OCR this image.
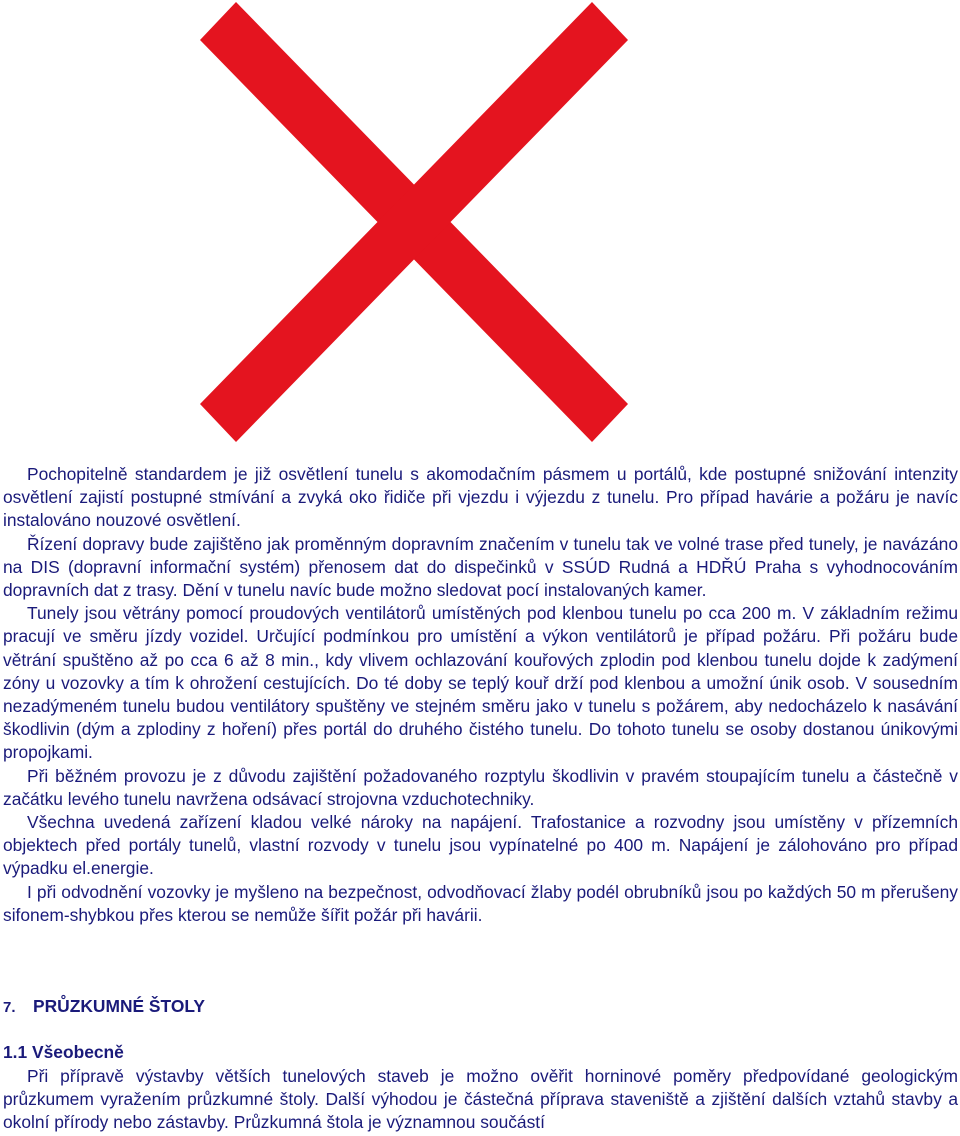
Pochopitelně standardem je již osvětlení tunelu s akomodačním pásmem u portálů, kde postupné snižování intenzity osvětlení zajistí postupné stmívání a zvyká oko řidiče při vjezdu i výjezdu z tunelu. Pro případ havárie a požáru je navíc instalováno nouzové osvětlení.

Řízení dopravy bude zajištěno jak proměnným dopravním značením v tunelu tak ve volné trase před tunely, je navázáno na DIS (dopravní informační systém) přenosem dat do dispečinků v SSÚD Rudná a HDŘÚ Praha s vyhodnocováním dopravních dat z trasy. Dění v tunelu navíc bude možno sledovat pocí instalovaných kamer.

Tunely jsou větrány pomocí proudových ventilátorů umístěných pod klenbou tunelu po cca 200 m. V základním režimu pracují ve směru jízdy vozidel. Určující podmínkou pro umístění a výkon ventilátorů je případ požáru. Při požáru bude větrání spuštěno až po cca 6 až 8 min., kdy vlivem ochlazování kouřových zplodin pod klenbou tunelu dojde k zadýmení zóny u vozovky a tím k ohrožení cestujících. Do té doby se teplý kouř drží pod klenbou a umožní únik osob. V sousedním nezadýmeném tunelu budou ventilátory spuštěny ve stejném směru jako v tunelu s požárem, aby nedocházelo k nasávání škodlivin (dým a zplodiny z hoření) přes portál do druhého čistého tunelu. Do tohoto tunelu se osoby dostanou únikovými propojkami.

Při běžném provozu je z důvodu zajištění požadovaného rozptylu škodlivin v pravém stoupajícím tunelu a částečně v začátku levého tunelu navržena odsávací strojovna vzduchotechniky.

Všechna uvedená zařízení kladou velké nároky na napájení. Trafostanice a rozvodny jsou umístěny v přízemních objektech před portály tunelů, vlastní rozvody v tunelu jsou vypínatelné po 400 m. Napájení je zálohováno pro případ výpadku el.energie.

I při odvodnění vozovky je myšleno na bezpečnost, odvodňovací žlaby podél obrubníků jsou po každých 50 m přerušeny sifonem-shybkou přes kterou se nemůže šířit požár při havárii.

7. PRŮZKUMNÉ ŠTOLY
1.1 Všeobecně

Při přípravě výstavby větších tunelových staveb je možno ověřit horninové poměry předpovídané geologickým průzkumem vyražením průzkumné štoly. Další výhodou je částečná příprava staveniště a zjištění dalších vztahů stavby a okolní přírody nebo zástavby. Průzkumná štola je významnou součástí
